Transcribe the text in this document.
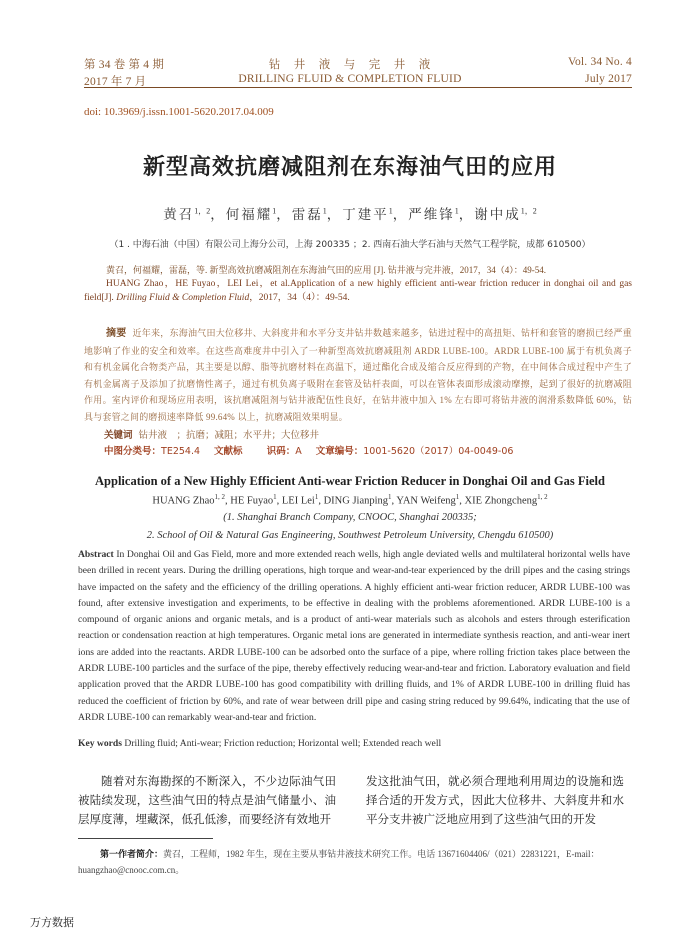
第 34 卷 第 4 期
2017 年 7 月
钻　井　液　与　完　井　液
DRILLING FLUID & COMPLETION FLUID
Vol. 34 No. 4
July 2017
doi: 10.3969/j.issn.1001-5620.2017.04.009
新型高效抗磨减阻剂在东海油气田的应用
黄召$^{1,2}$，何福耀$^1$，雷磊$^1$，丁建平$^1$，严维锋$^1$，谢中成$^{1,2}$
（1 . 中海石油（中国）有限公司上海分公司，上海 200335 ；2. 西南石油大学石油与天然气工程学院，成都 610500）

黄召，何福耀，雷磊，等. 新型高效抗磨减阻剂在东海油气田的应用 [J]. 钻井液与完井液，2017，34（4）：49-54.

HUANG Zhao，HE Fuyao，LEI Lei，et al.Application of a new highly efficient anti-wear friction reducer in donghai oil and gas field[J]. Drilling Fluid & Completion Fluid，2017，34（4）：49-54.

摘要 近年来，东海油气田大位移井、大斜度井和水平分支井钻井数越来越多，钻进过程中的高扭矩、钻杆和套管的磨损已经严重地影响了作业的安全和效率。在这些高难度井中引入了一种新型高效抗磨减阻剂 ARDR LUBE-100。ARDR LUBE-100 属于有机负离子和有机金属化合物类产品，其主要是以醇、脂等抗磨材料在高温下，通过酯化合成及缩合反应得到的产物，在中间体合成过程中产生了有机金属离子及添加了抗磨惰性离子，通过有机负离子吸附在套管及钻杆表面，可以在管体表面形成滚动摩擦，起到了很好的抗磨减阻作用。室内评价和现场应用表明，该抗磨减阻剂与钻井液配伍性良好，在钻井液中加入 1% 左右即可将钻井液的润滑系数降低 60%，钻具与套管之间的磨损速率降低 99.64% 以上，抗磨减阻效果明显。
关键词 钻井液　；抗磨；减阻；水平井；大位移井
中图分类号：TE254.4 文献标	识码：A 文章编号：1001-5620（2017）04-0049-06
Application of a New Highly Efficient Anti-wear Friction Reducer in Donghai Oil and Gas Field
HUANG Zhao$^{1, 2}$, HE Fuyao$^1$, LEI Lei$^1$, DING Jianping$^1$, YAN Weifeng$^1$, XIE Zhongcheng$^{1, 2}$
(1. Shanghai Branch Company, CNOOC, Shanghai 200335;
2. School of Oil & Natural Gas Engineering, Southwest Petroleum University, Chengdu 610500)
Abstract In Donghai Oil and Gas Field, more and more extended reach wells, high angle deviated wells and multilateral horizontal wells have been drilled in recent years. During the drilling operations, high torque and wear-and-tear experienced by the drill pipes and the casing strings have impacted on the safety and the efficiency of the drilling operations. A highly efficient anti-wear friction reducer, ARDR LUBE-100 was found, after extensive investigation and experiments, to be effective in dealing with the problems aforementioned. ARDR LUBE-100 is a compound of organic anions and organic metals, and is a product of anti-wear materials such as alcohols and esters through esterification reaction or condensation reaction at high temperatures. Organic metal ions are generated in intermediate synthesis reaction, and anti-wear inert ions are added into the reactants. ARDR LUBE-100 can be adsorbed onto the surface of a pipe, where rolling friction takes place between the ARDR LUBE-100 particles and the surface of the pipe, thereby effectively reducing wear-and-tear and friction. Laboratory evaluation and field application proved that the ARDR LUBE-100 has good compatibility with drilling fluids, and 1% of ARDR LUBE-100 in drilling fluid has reduced the coefficient of friction by 60%, and rate of wear between drill pipe and casing string reduced by 99.64%, indicating that the use of ARDR LUBE-100 can remarkably wear-and-tear and friction.
Key words Drilling fluid; Anti-wear; Friction reduction; Horizontal well; Extended reach well
随着对东海勘探的不断深入，不少边际油气田被陆续发现，这些油气田的特点是油气储量小、油层厚度薄，埋藏深，低孔低渗，而要经济有效地开
发这批油气田，就必须合理地利用周边的设施和选择合适的开发方式，因此大位移井、大斜度井和水平分支井被广泛地应用到了这些油气田的开发
第一作者简介：黄召，工程师，1982 年生，现在主要从事钻井液技术研究工作。电话 13671604406/（021）22831221，E-mail：huangzhao@cnooc.com.cn。
万方数据
